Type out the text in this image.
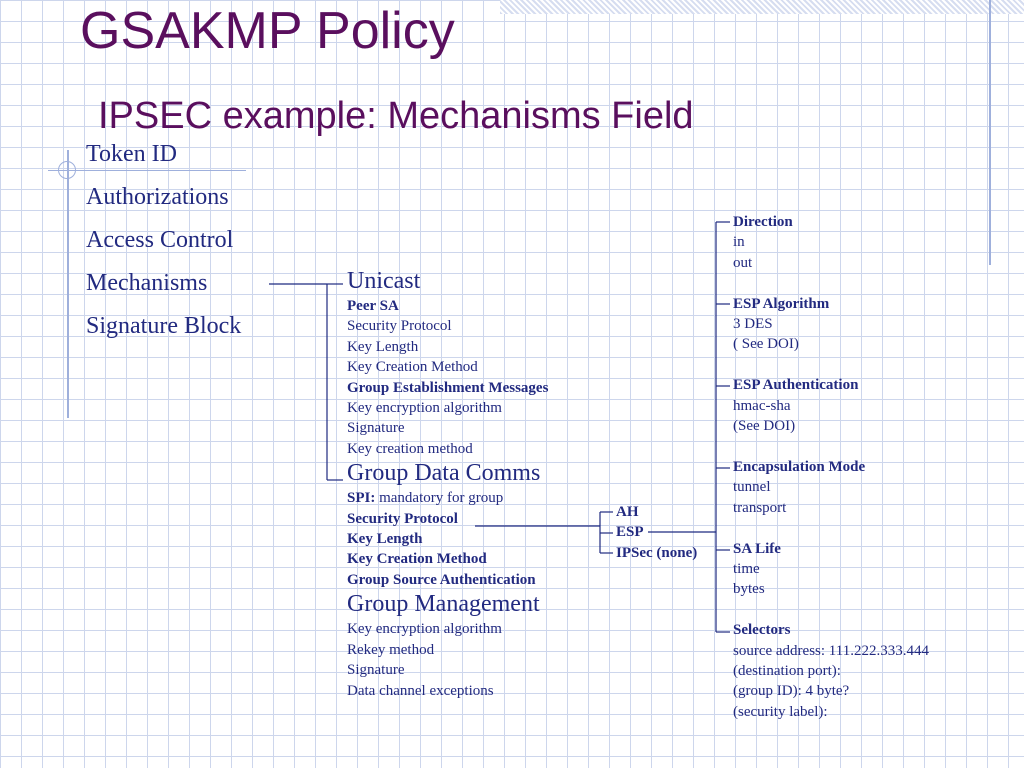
GSAKMP Policy
IPSEC example: Mechanisms Field
Token ID
Authorizations
Access Control
Mechanisms
Signature Block
Unicast
Peer SA
Security Protocol
Key Length
Key Creation Method
Group Establishment Messages
Key encryption algorithm
Signature
Key creation method
Group Data Comms
SPI: mandatory for group
Security Protocol
Key Length
Key Creation Method
Group Source Authentication
Group Management
Key encryption algorithm
Rekey method
Signature
Data channel exceptions
AH
ESP
IPSec (none)
Direction
in
out

ESP Algorithm
3 DES
( See DOI)

ESP Authentication
hmac-sha
(See DOI)

Encapsulation Mode
tunnel
transport

SA Life
time
bytes

Selectors
source address: 111.222.333.444
(destination port):
(group ID): 4 byte?
(security label):
